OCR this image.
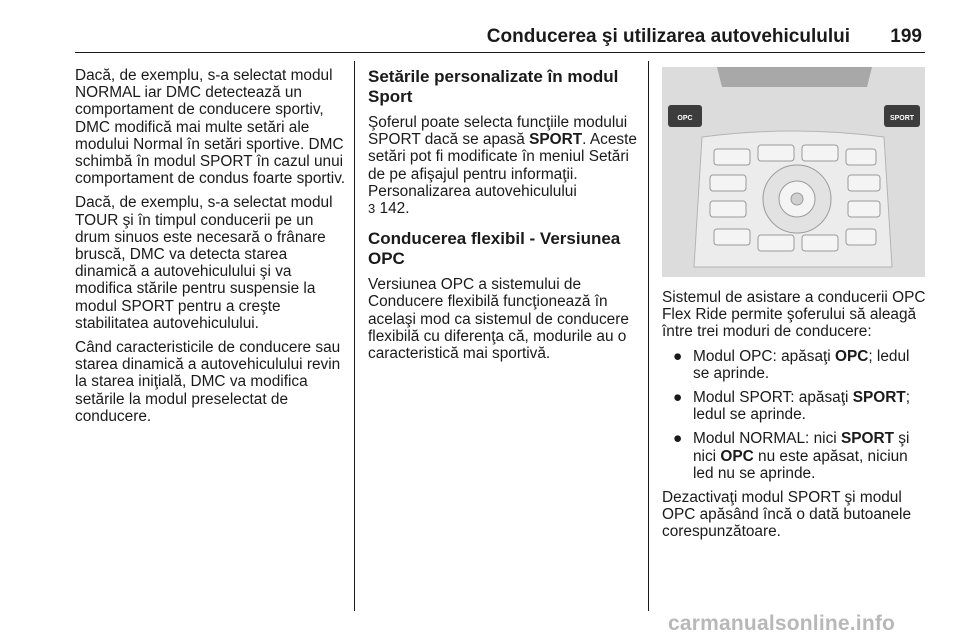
Conducerea şi utilizarea autovehiculului 199

Dacă, de exemplu, s-a selectat modul NORMAL iar DMC detectează un comportament de conducere sportiv, DMC modifică mai multe setări ale modului Normal în setări sportive. DMC schimbă în modul SPORT în cazul unui comportament de condus foarte sportiv.

Dacă, de exemplu, s-a selectat modul TOUR şi în timpul conducerii pe un drum sinuos este necesară o frânare bruscă, DMC va detecta starea dinamică a autovehiculului şi va modifica stările pentru suspensie la modul SPORT pentru a creşte stabilitatea autovehiculului.

Când caracteristicile de conducere sau starea dinamică a autovehiculului revin la starea iniţială, DMC va modifica setările la modul preselectat de conducere.

Setările personalizate în modul Sport

Şoferul poate selecta funcţiile modului SPORT dacă se apasă SPORT. Aceste setări pot fi modificate în meniul Setări de pe afişajul pentru informaţii. Personalizarea autovehiculului
3 142.

Conducerea flexibil - Versiunea OPC

Versiunea OPC a sistemului de Conducere flexibilă funcţionează în acelaşi mod ca sistemul de conducere flexibilă cu diferenţa că, modurile au o caracteristică mai sportivă.

OPC	SPORT

Sistemul de asistare a conducerii OPC Flex Ride permite şoferului să aleagă între trei moduri de conducere:

● Modul OPC: apăsaţi OPC; ledul se aprinde.
● Modul SPORT: apăsaţi SPORT; ledul se aprinde.
● Modul NORMAL: nici SPORT şi nici OPC nu este apăsat, niciun led nu se aprinde.

Dezactivaţi modul SPORT şi modul OPC apăsând încă o dată butoanele corespunzătoare.

carmanualsonline.info
